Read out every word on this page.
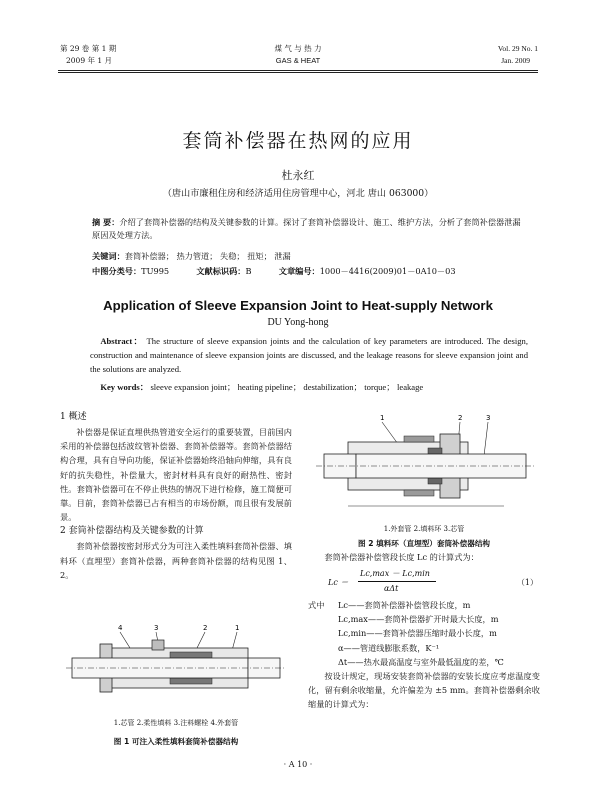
第 29 卷 第 1 期
2009 年 1 月
煤 气 与 热 力
GAS & HEAT
Vol. 29 No. 1
Jan. 2009
套筒补偿器在热网的应用
杜永红
（唐山市廉租住房和经济适用住房管理中心，河北 唐山 063000）
摘 要：介绍了套筒补偿器的结构及关键参数的计算。探讨了套筒补偿器设计、施工、维护方法，分析了套筒补偿器泄漏原因及处理方法。
关键词：套筒补偿器； 热力管道； 失稳； 扭矩； 泄漏
中图分类号：TU995	文献标识码：B	文章编号：1000－4416(2009)01－0A10－03
Application of Sleeve Expansion Joint to Heat-supply Network
DU Yong-hong
Abstract： The structure of sleeve expansion joints and the calculation of key parameters are introduced. The design, construction and maintenance of sleeve expansion joints are discussed, and the leakage reasons for sleeve expansion joint and the solutions are analyzed.
Key words： sleeve expansion joint； heating pipeline； destabilization； torque； leakage

1 概述

补偿器是保证直埋供热管道安全运行的重要装置，目前国内采用的补偿器包括波纹管补偿器、套筒补偿器等。套筒补偿器结构合理，具有自导向功能，保证补偿器始终沿轴向伸缩，具有良好的抗失稳性，补偿量大，密封材料具有良好的耐热性、密封性。套筒补偿器可在不停止供热的情况下进行检修，施工简便可靠。目前，套筒补偿器已占有相当的市场份额，而且很有发展前景。

2 套筒补偿器结构及关键参数的计算

套筒补偿器按密封形式分为可注入柔性填料套筒补偿器、填料环（直埋型）套筒补偿器，两种套筒补偿器的结构见图 1、2。

4	3	2	1
1.芯管 2.柔性填料 3.注料螺栓 4.外套管
图 1 可注入柔性填料套筒补偿器结构
1	2	3
1.外套管 2.填料环 3.芯管
图 2 填料环（直埋型）套筒补偿器结构

套筒补偿器补偿管段长度 Lc 的计算式为：

Lc ＝
Lc,max － Lc,min
αΔt
（1）
式中 Lc——套筒补偿器补偿管段长度，m
Lc,max——套筒补偿器扩开时最大长度，m
Lc,min——套筒补偿器压缩时最小长度，m
α——管道线膨胀系数，K⁻¹
Δt——热水最高温度与室外最低温度的差，℃

按设计规定，现场安装套筒补偿器的安装长度应考虑温度变化，留有剩余收缩量，允许偏差为 ±5 mm。套筒补偿器剩余收缩量的计算式为：

· A 10 ·
